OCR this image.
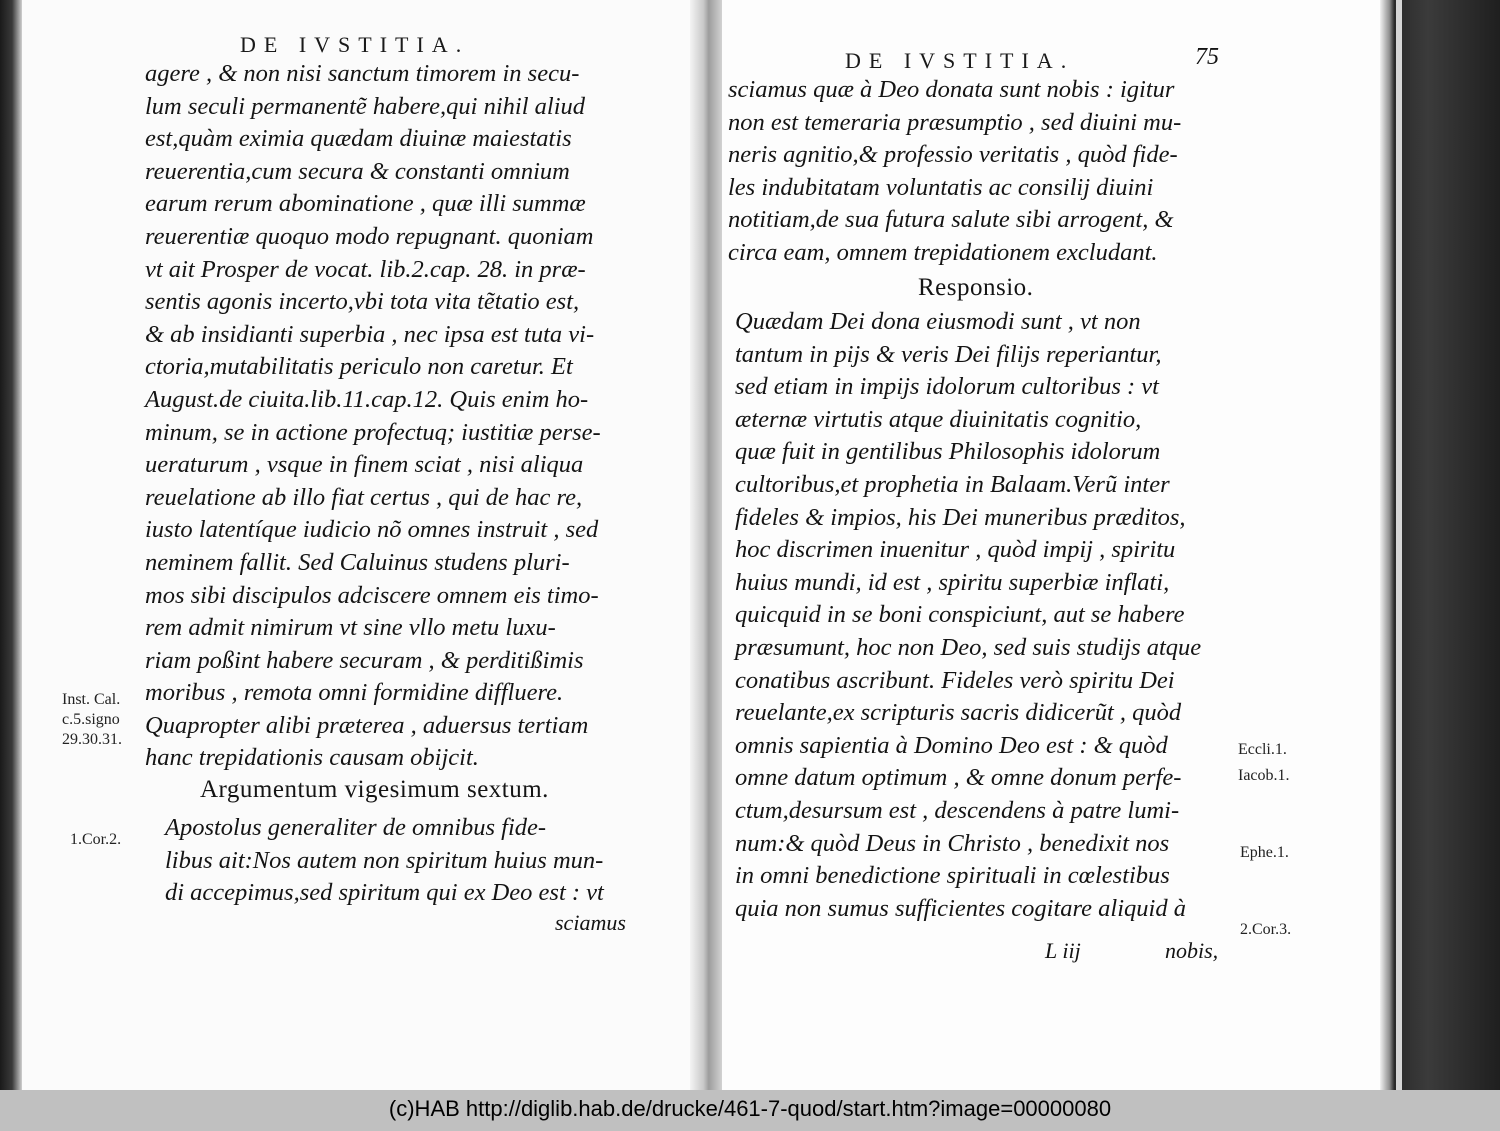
DE IVSTITIA.
agere , & non nisi sanctum timorem in secu-
lum seculi permanentẽ habere,qui nihil aliud
est,quàm eximia quædam diuinæ maiestatis
reuerentia,cum secura & constanti omnium
earum rerum abominatione , quæ illi summæ
reuerentiæ quoquo modo repugnant. quoniam
vt ait Prosper de vocat. lib.2.cap. 28. in præ-
sentis agonis incerto,vbi tota vita tẽtatio est,
& ab insidianti superbia , nec ipsa est tuta vi-
ctoria,mutabilitatis periculo non caretur. Et
August.de ciuita.lib.11.cap.12. Quis enim ho-
minum, se in actione profectuq; iustitiæ perse-
ueraturum , vsque in finem sciat , nisi aliqua
reuelatione ab illo fiat certus , qui de hac re,
iusto latentíque iudicio nõ omnes instruit , sed
neminem fallit. Sed Caluinus studens pluri-
mos sibi discipulos adciscere omnem eis timo-
rem admit nimirum vt sine vllo metu luxu-
riam poßint habere securam , & perditißimis
moribus , remota omni formidine diffluere.
Quapropter alibi præterea , aduersus tertiam
hanc trepidationis causam obijcit.
Argumentum vigesimum sextum.
Apostolus generaliter de omnibus fide-
libus ait:Nos autem non spiritum huius mun-
di accepimus,sed spiritum qui ex Deo est : vt
sciamus
Inst. Cal.
c.5.signo
29.30.31.
1.Cor.2.
DE IVSTITIA.	75
sciamus quæ à Deo donata sunt nobis : igitur
non est temeraria præsumptio , sed diuini mu-
neris agnitio,& professio veritatis , quòd fide-
les indubitatam voluntatis ac consilij diuini
notitiam,de sua futura salute sibi arrogent, &
circa eam, omnem trepidationem excludant.
Responsio.
Quædam Dei dona eiusmodi sunt , vt non
tantum in pijs & veris Dei filijs reperiantur,
sed etiam in impijs idolorum cultoribus : vt
æternæ virtutis atque diuinitatis cognitio,
quæ fuit in gentilibus Philosophis idolorum
cultoribus,et prophetia in Balaam.Verũ inter
fideles & impios, his Dei muneribus præditos,
hoc discrimen inuenitur , quòd impij , spiritu
huius mundi, id est , spiritu superbiæ inflati,
quicquid in se boni conspiciunt, aut se habere
præsumunt, hoc non Deo, sed suis studijs atque
conatibus ascribunt. Fideles verò spiritu Dei
reuelante,ex scripturis sacris didicerũt , quòd
omnis sapientia à Domino Deo est : & quòd
omne datum optimum , & omne donum perfe-
ctum,desursum est , descendens à patre lumi-
num:& quòd Deus in Christo , benedixit nos
in omni benedictione spirituali in cœlestibus
quia non sumus sufficientes cogitare aliquid à
L iij	nobis,
Eccli.1.
Iacob.1.
Ephe.1.
2.Cor.3.
(c)HAB http://diglib.hab.de/drucke/461-7-quod/start.htm?image=00000080
